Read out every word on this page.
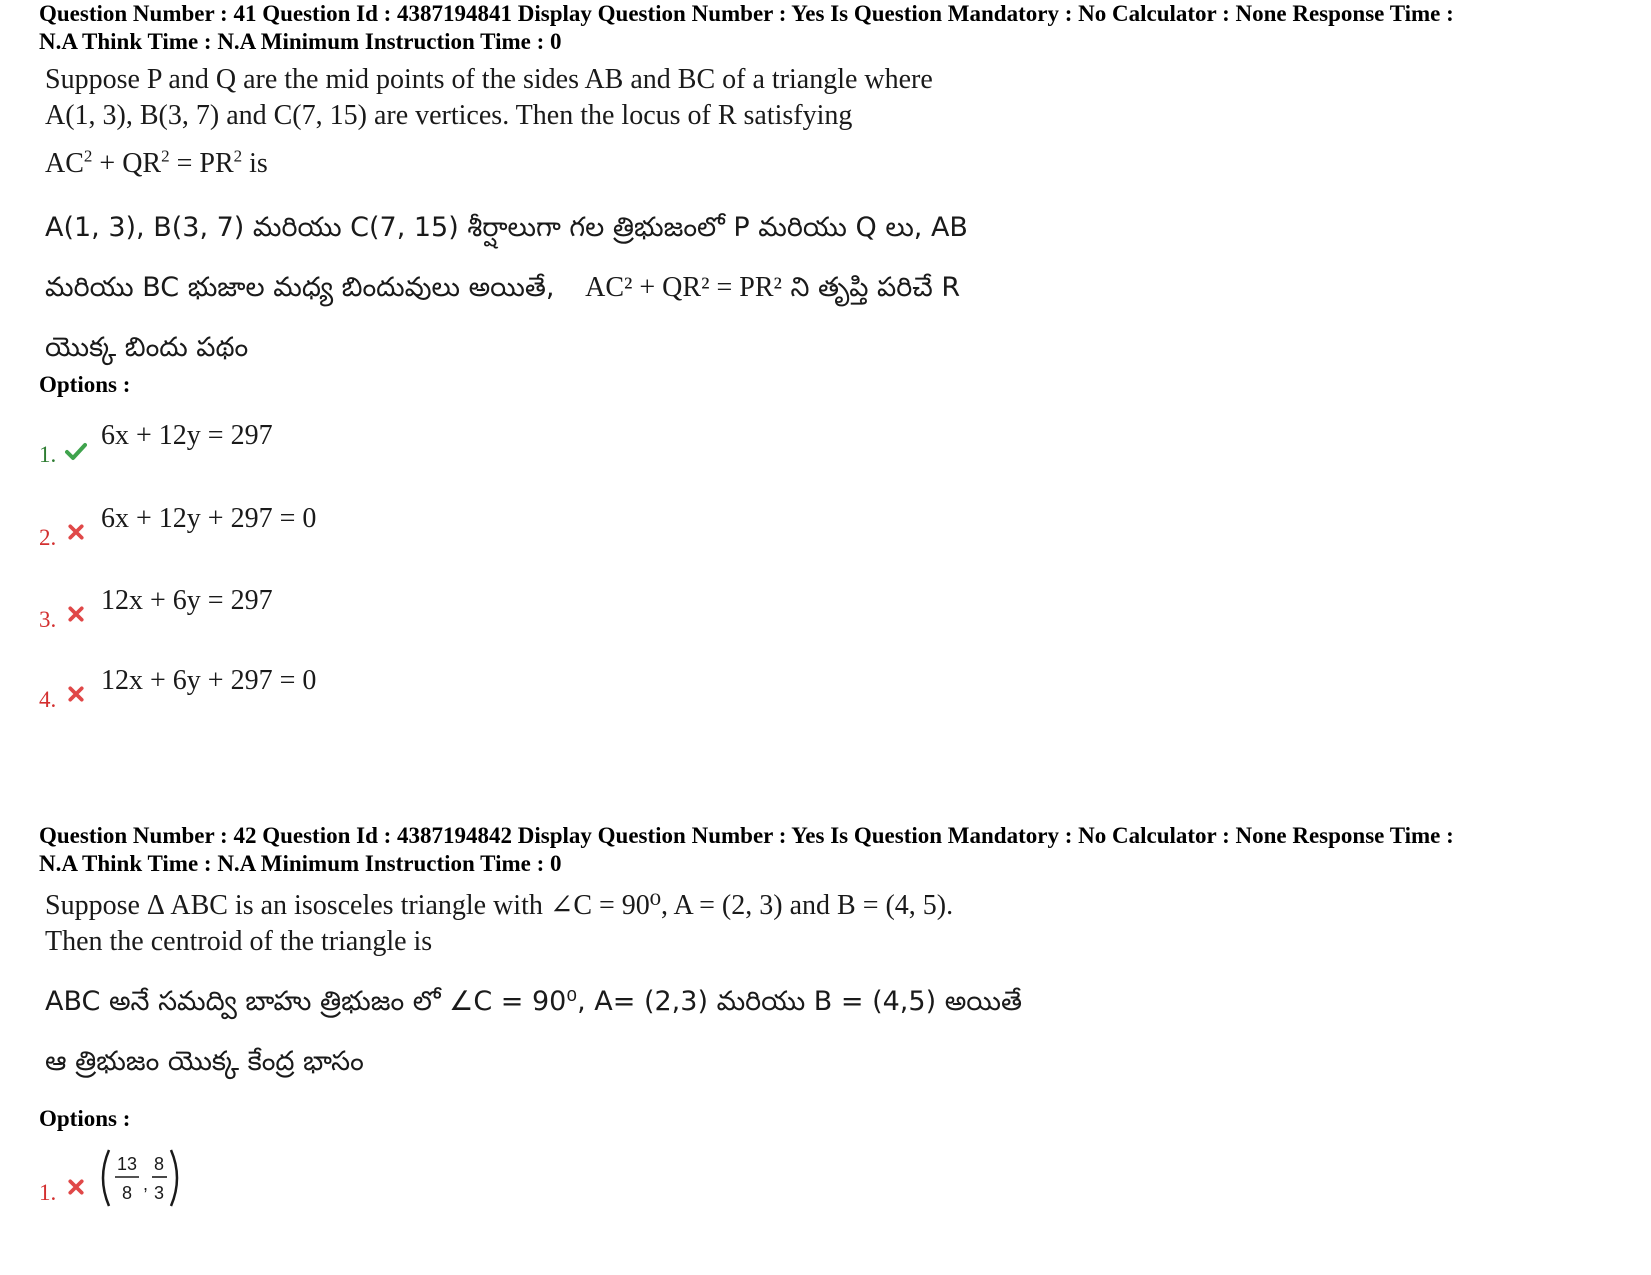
Question Number : 41 Question Id : 4387194841 Display Question Number : Yes Is Question Mandatory : No Calculator : None Response Time :
N.A Think Time : N.A Minimum Instruction Time : 0
Suppose P and Q are the mid points of the sides AB and BC of a triangle where
A(1, 3), B(3, 7) and C(7, 15) are vertices. Then the locus of R satisfying
$AC^2 + QR^2 = PR^2$ is
A(1, 3), B(3, 7) మరియు C(7, 15) శీర్షాలుగా గల త్రిభుజంలో P మరియు Q లు, AB
మరియు BC భుజాల మధ్య బిందువులు అయితే, AC² + QR² = PR² ని తృప్తి పరిచే R
యొక్క బిందు పథం
Options :
1.
6x + 12y = 297
2.
6x + 12y + 297 = 0
3.
12x + 6y = 297
4.
12x + 6y + 297 = 0
Question Number : 42 Question Id : 4387194842 Display Question Number : Yes Is Question Mandatory : No Calculator : None Response Time :
N.A Think Time : N.A Minimum Instruction Time : 0
Suppose Δ ABC is an isosceles triangle with ∠C = 90⁰, A = (2, 3) and B = (4, 5).
Then the centroid of the triangle is
ABC అనే సమద్వి బాహు త్రిభుజం లో ∠C = 90⁰, A= (2,3) మరియు B = (4,5) అయితే
ఆ త్రిభుజం యొక్క కేంద్ర భాసం
Options :
1.
13
8 ,
8
3
